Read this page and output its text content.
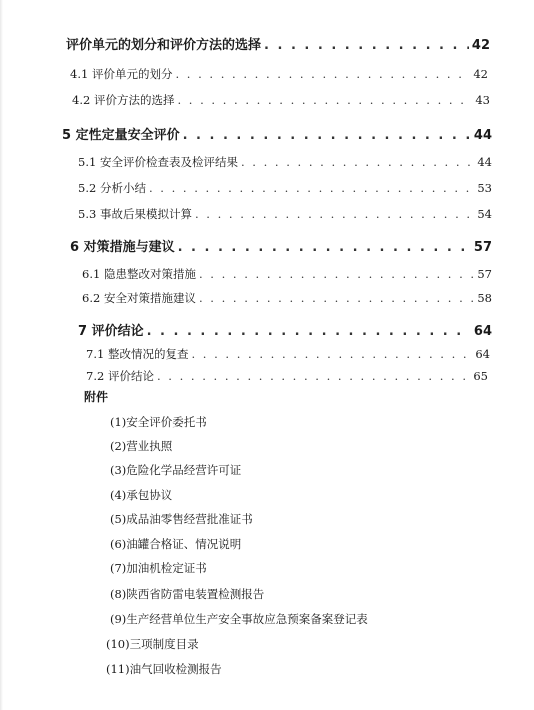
评价单元的划分和评价方法的选择 . . .	42
4.1 评价单元的划分 . . .	42
4.2 评价方法的选择 . . .	43
5 定性定量安全评价 . . .	44
5.1 安全评价检查表及检评结果 . . .	44
5.2 分析小结 . . .	53
5.3 事故后果模拟计算 . . .	54
6 对策措施与建议 . . .	57
6.1 隐患整改对策措施 . . .	57
6.2 安全对策措施建议 . . .	58
7 评价结论 . . .	64
7.1 整改情况的复查 . . .	64
7.2 评价结论 . . .	65
附件
(1)安全评价委托书
(2)营业执照
(3)危险化学品经营许可证
(4)承包协议
(5)成品油零售经营批准证书
(6)油罐合格证、情况说明
(7)加油机检定证书
(8)陕西省防雷电装置检测报告
(9)生产经营单位生产安全事故应急预案备案登记表
(10)三项制度目录
(11)油气回收检测报告
